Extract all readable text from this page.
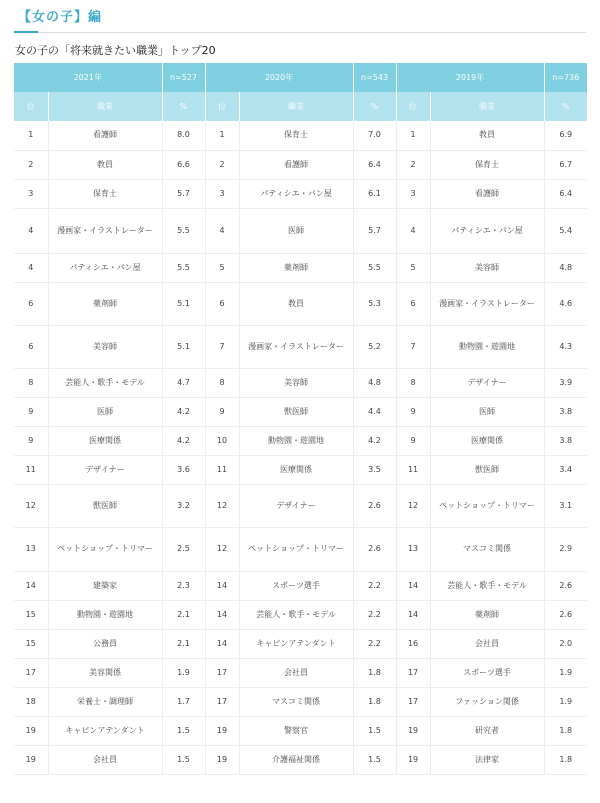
【女の子】編
女の子の「将来就きたい職業」トップ20
2021年		n=527	2020年		n=543	2019年		n=736
位	職業	%	位	職業	%	位	職業	%
1	看護師	8.0	1	保育士	7.0	1	教員	6.9
2	教員	6.6	2	看護師	6.4	2	保育士	6.7
3	保育士	5.7	3	パティシエ・パン屋	6.1	3	看護師	6.4
4	漫画家・イラストレーター	5.5	4	医師	5.7	4	パティシエ・パン屋	5.4
4	パティシエ・パン屋	5.5	5	薬剤師	5.5	5	美容師	4.8
6	薬剤師	5.1	6	教員	5.3	6	漫画家・イラストレーター	4.6
6	美容師	5.1	7	漫画家・イラストレーター	5.2	7	動物園・遊園地	4.3
8	芸能人・歌手・モデル	4.7	8	美容師	4.8	8	デザイナー	3.9
9	医師	4.2	9	獣医師	4.4	9	医師	3.8
9	医療関係	4.2	10	動物園・遊園地	4.2	9	医療関係	3.8
11	デザイナー	3.6	11	医療関係	3.5	11	獣医師	3.4
12	獣医師	3.2	12	デザイナー	2.6	12	ペットショップ・トリマー	3.1
13	ペットショップ・トリマー	2.5	12	ペットショップ・トリマー	2.6	13	マスコミ関係	2.9
14	建築家	2.3	14	スポーツ選手	2.2	14	芸能人・歌手・モデル	2.6
15	動物園・遊園地	2.1	14	芸能人・歌手・モデル	2.2	14	薬剤師	2.6
15	公務員	2.1	14	キャビンアテンダント	2.2	16	会社員	2.0
17	美容関係	1.9	17	会社員	1.8	17	スポーツ選手	1.9
18	栄養士・調理師	1.7	17	マスコミ関係	1.8	17	ファッション関係	1.9
19	キャビンアテンダント	1.5	19	警察官	1.5	19	研究者	1.8
19	会社員	1.5	19	介護福祉関係	1.5	19	法律家	1.8
